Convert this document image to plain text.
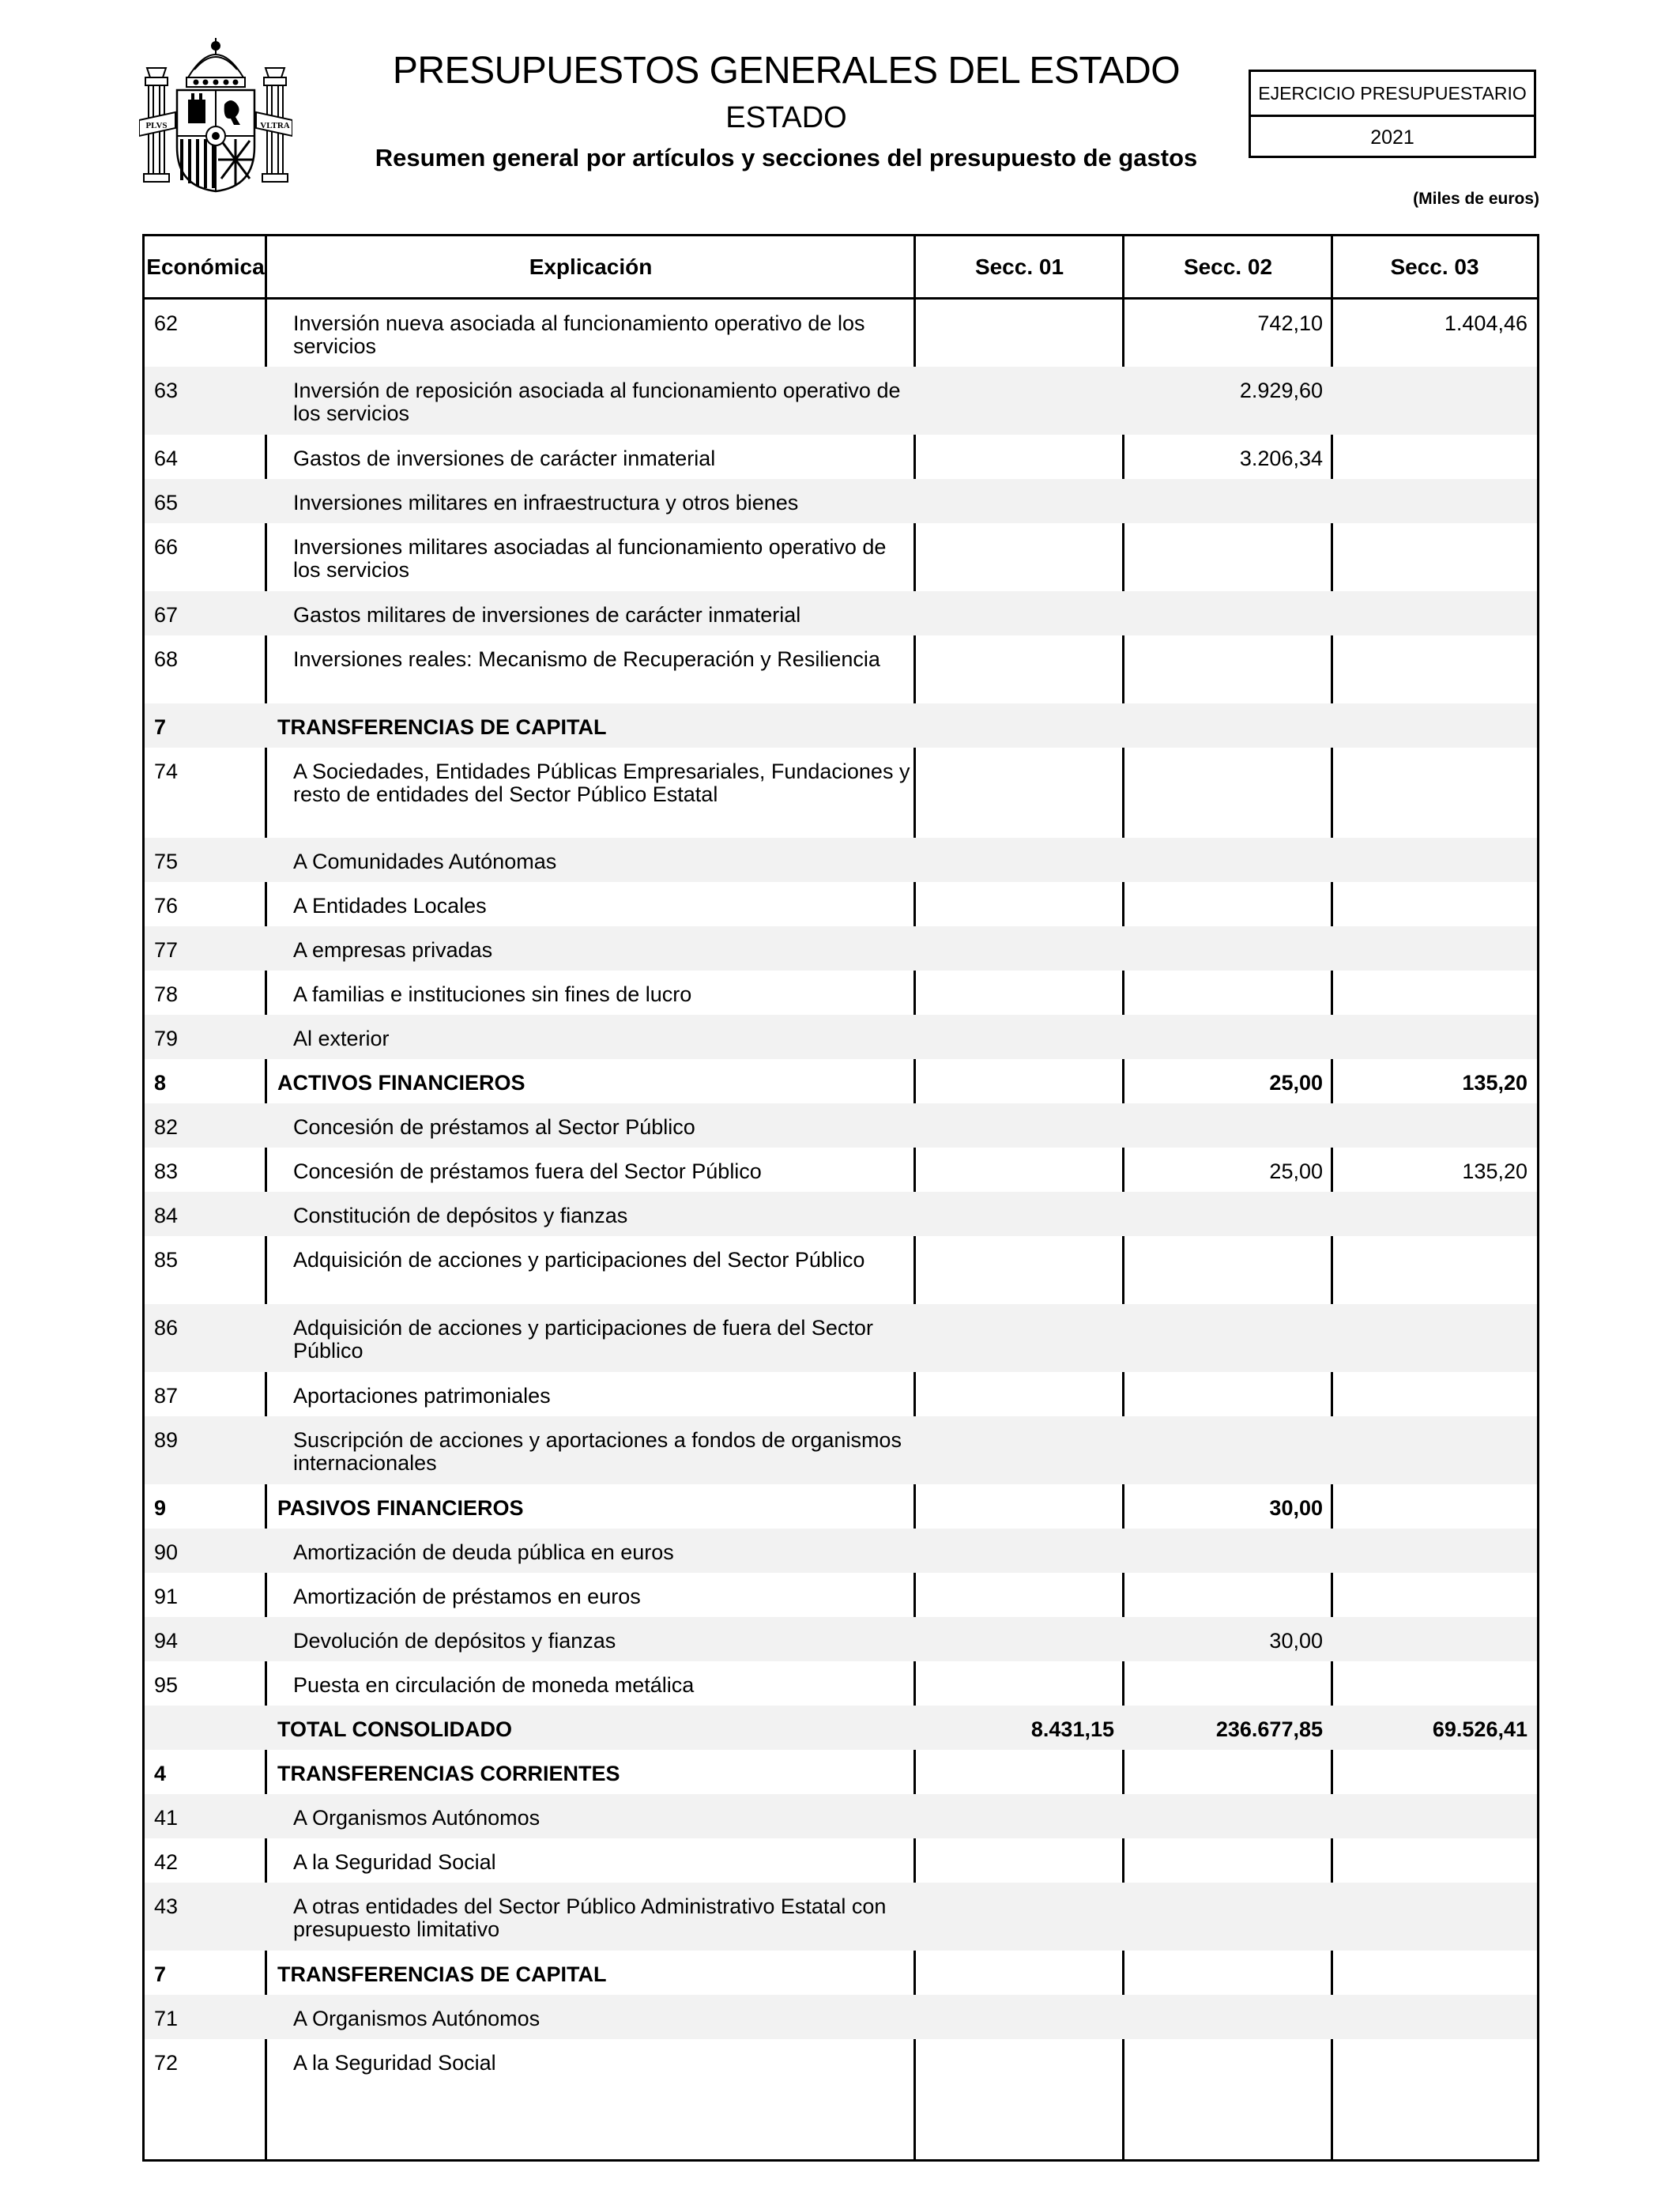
PLVS	VLTRA
PRESUPUESTOS GENERALES DEL ESTADO
ESTADO
Resumen general por artículos y secciones del presupuesto de gastos
EJERCICIO PRESUPUESTARIO
2021
(Miles de euros)
Económica	Explicación	Secc. 01	Secc. 02	Secc. 03
62	Inversión nueva asociada al funcionamiento operativo de los servicios		742,10	1.404,46
63	Inversión de reposición asociada al funcionamiento operativo de los servicios		2.929,60	
64	Gastos de inversiones de carácter inmaterial		3.206,34	
65	Inversiones militares en infraestructura y otros bienes			
66	Inversiones militares asociadas al funcionamiento operativo de los servicios			
67	Gastos militares de inversiones de carácter inmaterial			
68	Inversiones reales: Mecanismo de Recuperación y Resiliencia			
7	TRANSFERENCIAS DE CAPITAL			
74	A Sociedades, Entidades Públicas Empresariales, Fundaciones y resto de entidades del Sector Público Estatal			
75	A Comunidades Autónomas			
76	A Entidades Locales			
77	A empresas privadas			
78	A familias e instituciones sin fines de lucro			
79	Al exterior			
8	ACTIVOS FINANCIEROS		25,00	135,20
82	Concesión de préstamos al Sector Público			
83	Concesión de préstamos fuera del Sector Público		25,00	135,20
84	Constitución de depósitos y fianzas			
85	Adquisición de acciones y participaciones del Sector Público			
86	Adquisición de acciones y participaciones de fuera del Sector Público			
87	Aportaciones patrimoniales			
89	Suscripción de acciones y aportaciones a fondos de organismos internacionales			
9	PASIVOS FINANCIEROS		30,00	
90	Amortización de deuda pública en euros			
91	Amortización de préstamos en euros			
94	Devolución de depósitos y fianzas		30,00	
95	Puesta en circulación de moneda metálica			
	TOTAL CONSOLIDADO	8.431,15	236.677,85	69.526,41
4	TRANSFERENCIAS CORRIENTES			
41	A Organismos Autónomos			
42	A la Seguridad Social			
43	A otras entidades del Sector Público Administrativo Estatal con presupuesto limitativo			
7	TRANSFERENCIAS DE CAPITAL			
71	A Organismos Autónomos			
72	A la Seguridad Social			
